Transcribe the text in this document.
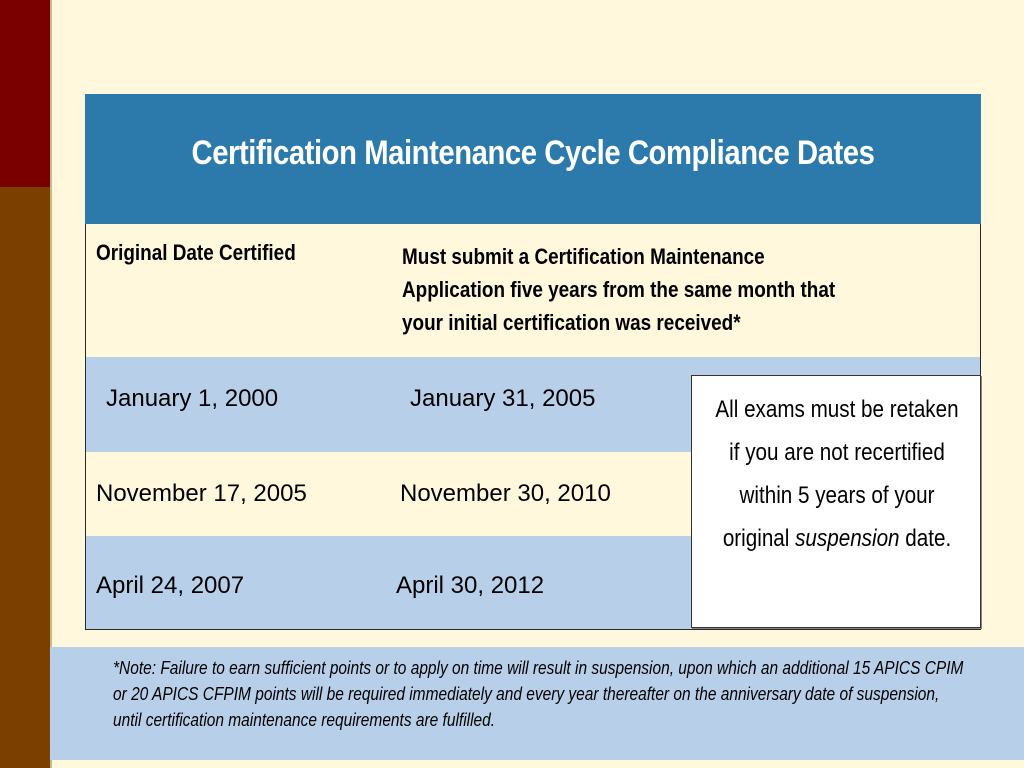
Certification Maintenance Cycle Compliance Dates
Original Date Certified	Must submit a Certification Maintenance Application five years from the same month that your initial certification was received*
January 1, 2000	January 31, 2005
November 17, 2005	November 30, 2010
April 24, 2007	April 30, 2012
All exams must be retaken if you are not recertified within 5 years of your original suspension date.
*Note: Failure to earn sufficient points or to apply on time will result in suspension, upon which an additional 15 APICS CPIM or 20 APICS CFPIM points will be required immediately and every year thereafter on the anniversary date of suspension, until certification maintenance requirements are fulfilled.
